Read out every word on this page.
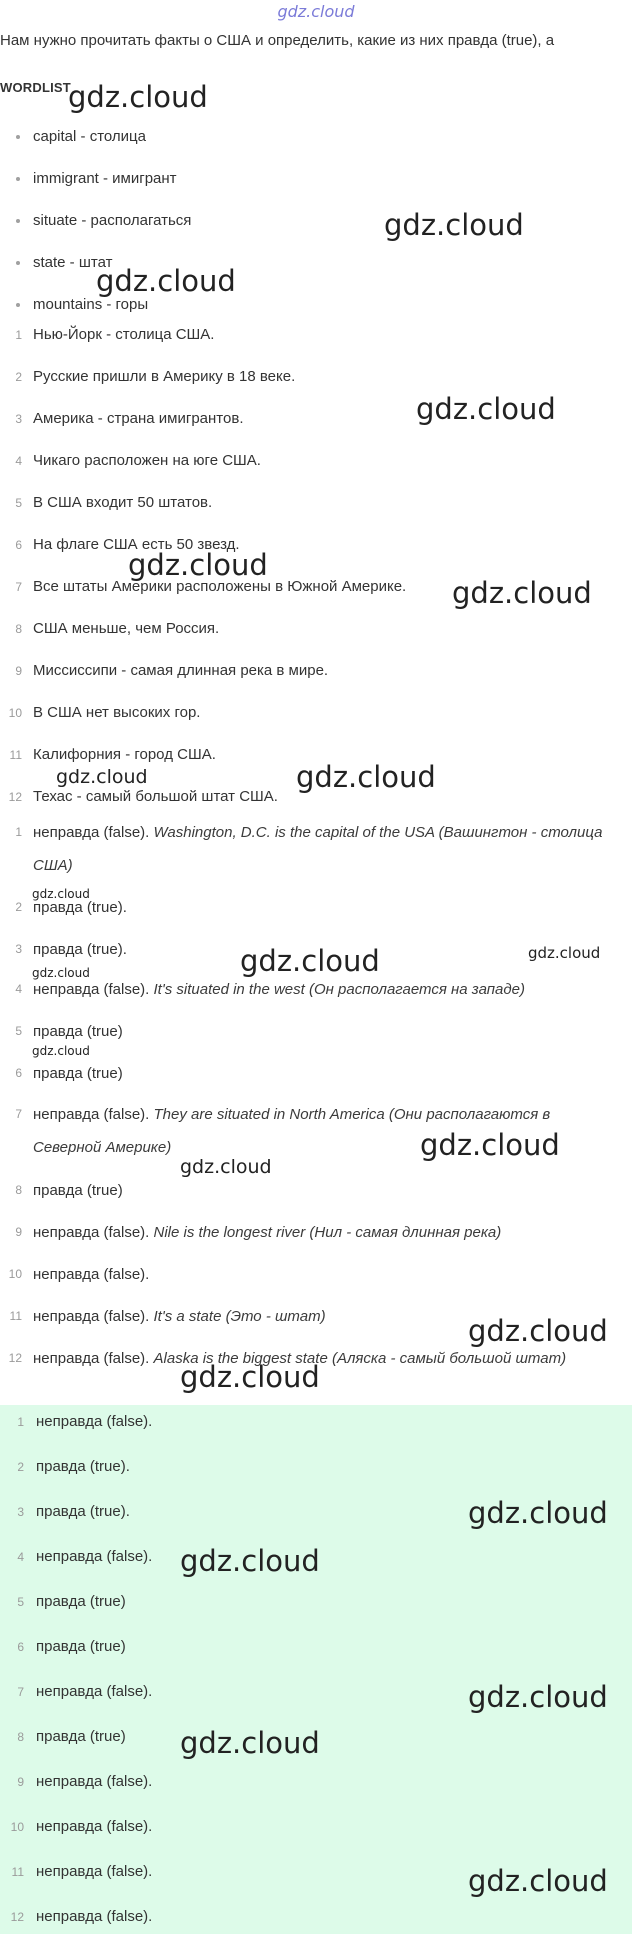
gdz.cloud
Нам нужно прочитать факты о США и определить, какие из них правда (true), а
WORDLIST
capital - столица
immigrant - имигрант
situate - располагаться
state - штат
mountains - горы
1 Нью-Йорк - столица США.
2 Русские пришли в Америку в 18 веке.
3 Америка - страна имигрантов.
4 Чикаго расположен на юге США.
5 В США входит 50 штатов.
6 На флаге США есть 50 звезд.
7 Все штаты Америки расположены в Южной Америке.
8 США меньше, чем Россия.
9 Миссиссипи - самая длинная река в мире.
10 В США нет высоких гор.
11 Калифорния - город США.
12 Техас - самый большой штат США.
1 неправда (false). Washington, D.C. is the capital of the USA (Вашингтон - столица США)
2 правда (true).
3 правда (true).
4 неправда (false). It's situated in the west (Он располагается на западе)
5 правда (true)
6 правда (true)
7 неправда (false). They are situated in North America (Они располагаются в Северной Америке)
8 правда (true)
9 неправда (false). Nile is the longest river (Нил - самая длинная река)
10 неправда (false).
11 неправда (false). It's a state (Это - штат)
12 неправда (false). Alaska is the biggest state (Аляска - самый большой штат)
1 неправда (false).
2 правда (true).
3 правда (true).
4 неправда (false).
5 правда (true)
6 правда (true)
7 неправда (false).
8 правда (true)
9 неправда (false).
10 неправда (false).
11 неправда (false).
12 неправда (false).
gdz.cloud
gdz.cloud
gdz.cloud
gdz.cloud
gdz.cloud
gdz.cloud
gdz.cloud	gdz.cloud
gdz.cloud
gdz.cloud	gdz.cloud
gdz.cloud
gdz.cloud
gdz.cloud
gdz.cloud
gdz.cloud
gdz.cloud
gdz.cloud
gdz.cloud
gdz.cloud
gdz.cloud
gdz.cloud
